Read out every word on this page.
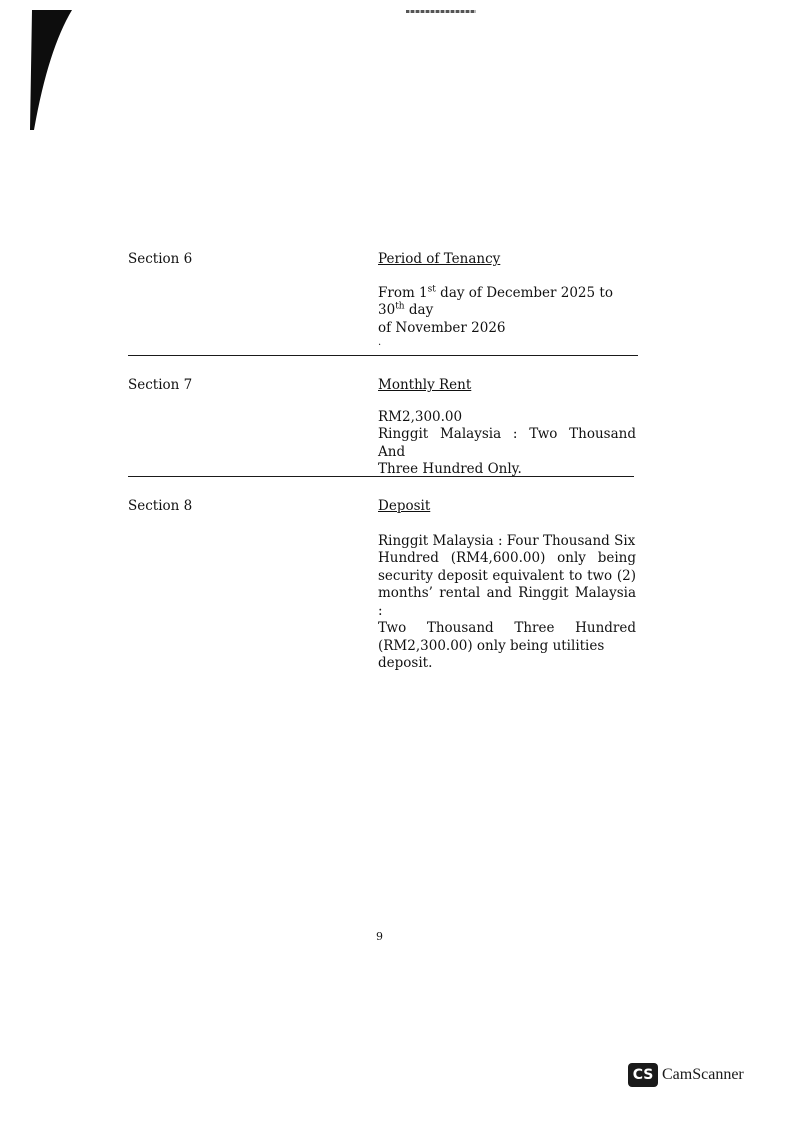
Section 6	Period of Tenancy
From 1st day of December 2025 to 30th day
of November 2026
.
Section 7	Monthly Rent
RM2,300.00
Ringgit Malaysia : Two Thousand And
Three Hundred Only.
Section 8	Deposit
Ringgit Malaysia : Four Thousand Six
Hundred (RM4,600.00) only being
security deposit equivalent to two (2)
months’ rental and Ringgit Malaysia :
Two Thousand Three Hundred
(RM2,300.00) only being utilities deposit.
9
CS CamScanner
